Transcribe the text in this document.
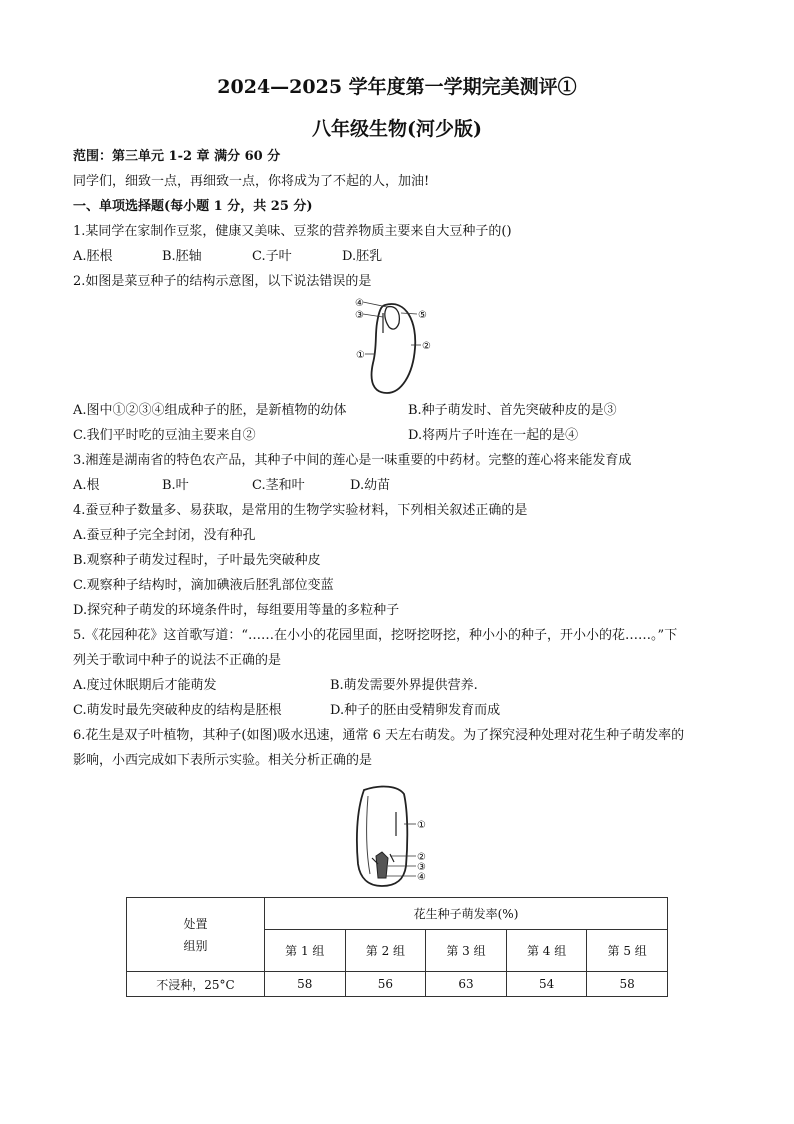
2024—2025 学年度第一学期完美测评①
八年级生物(河少版)
范围：第三单元 1-2 章 满分 60 分
同学们，细致一点，再细致一点，你将成为了不起的人，加油!
一、单项选择题(每小题 1 分，共 25 分)
1.某同学在家制作豆浆，健康又美味、豆浆的营养物质主要来自大豆种子的()
A.胚根	B.胚轴	C.子叶	D.胚乳
2.如图是菜豆种子的结构示意图，以下说法错误的是
④
③	⑤
②
①
A.图中①②③④组成种子的胚，是新植物的幼体	B.种子萌发时、首先突破种皮的是③
C.我们平时吃的豆油主要来自②	D.将两片子叶连在一起的是④
3.湘莲是湖南省的特色农产品，其种子中间的莲心是一味重要的中药材。完整的莲心将来能发育成
A.根	B.叶	C.茎和叶	D.幼苗
4.蚕豆种子数量多、易获取，是常用的生物学实验材料，下列相关叙述正确的是
A.蚕豆种子完全封闭，没有种孔
B.观察种子萌发过程时，子叶最先突破种皮
C.观察种子结构时，滴加碘液后胚乳部位变蓝
D.探究种子萌发的环境条件时，每组要用等量的多粒种子
5.《花园种花》这首歌写道：“……在小小的花园里面，挖呀挖呀挖，种小小的种子，开小小的花……。”下
列关于歌词中种子的说法不正确的是
A.度过休眠期后才能萌发	B.萌发需要外界提供营养.
C.萌发时最先突破种皮的结构是胚根	D.种子的胚由受精卵发育而成
6.花生是双子叶植物，其种子(如图)吸水迅速，通常 6 天左右萌发。为了探究浸种处理对花生种子萌发率的
影响，小西完成如下表所示实验。相关分析正确的是
①
②
③
④
处置
组别	花生种子萌发率(%)				
	第 1 组	第 2 组	第 3 组	第 4 组	第 5 组
不浸种，25°C	58	56	63	54	58
